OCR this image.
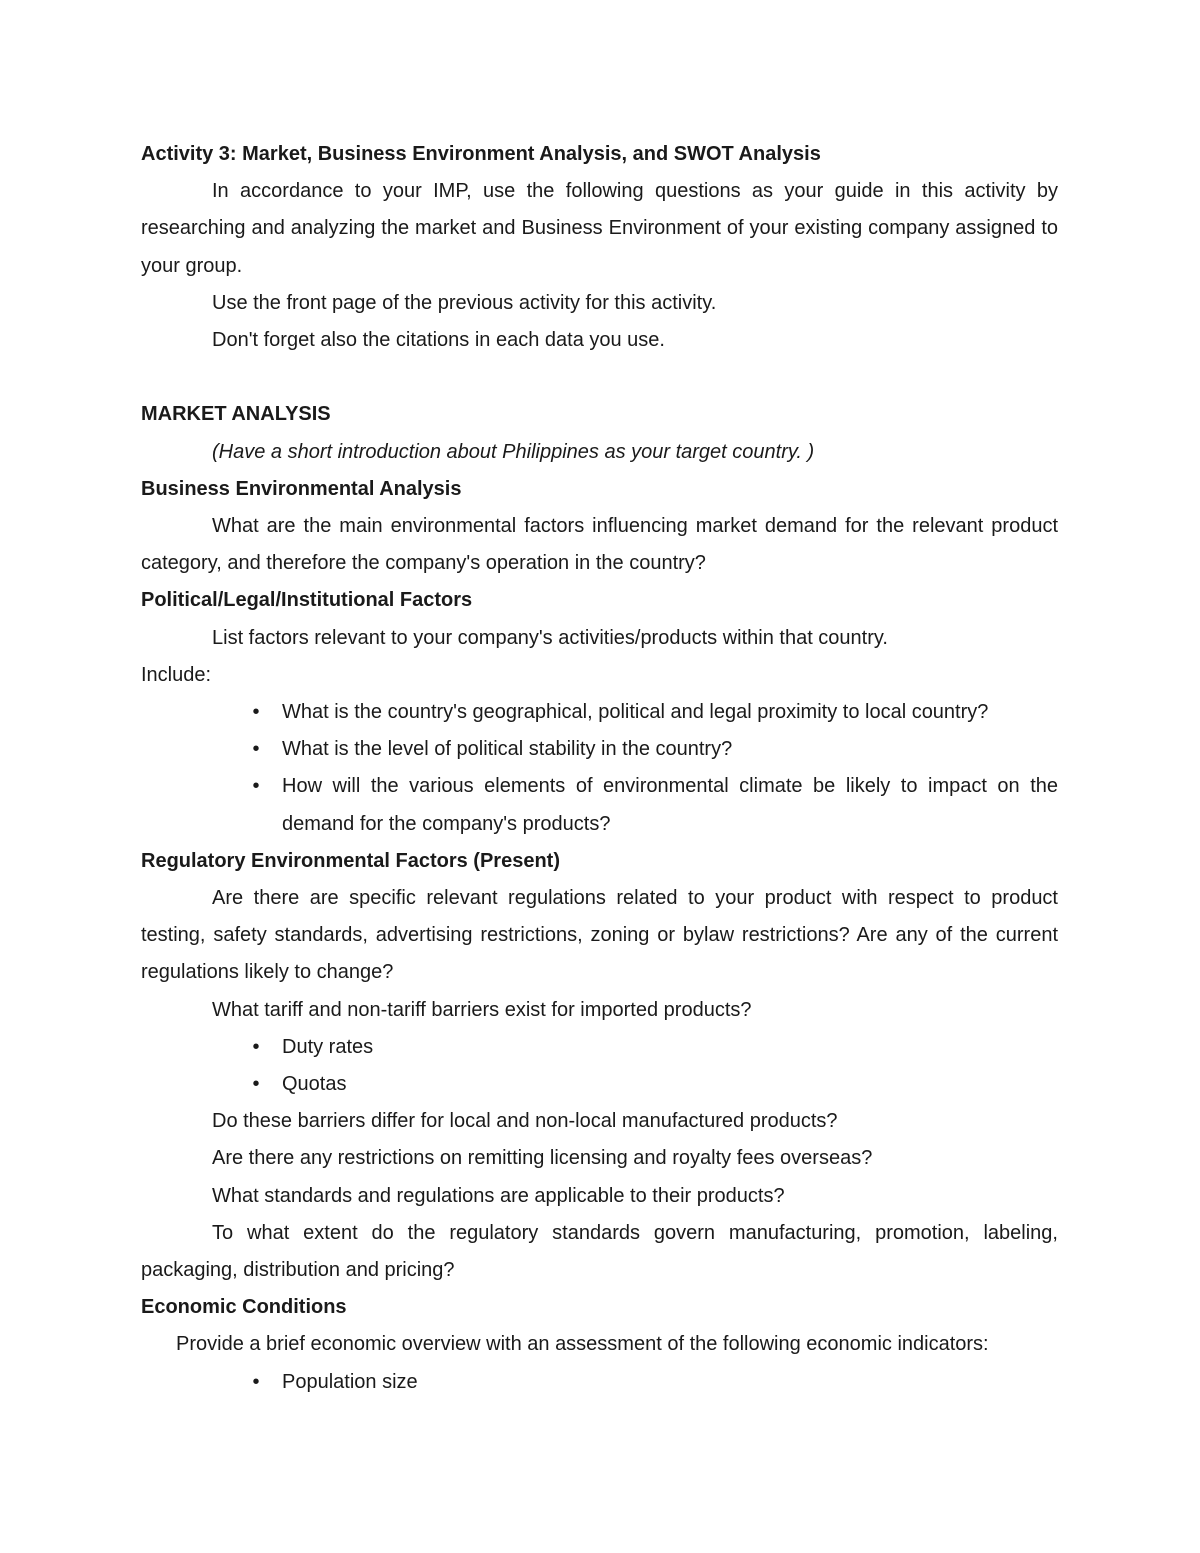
Activity 3: Market, Business Environment Analysis, and SWOT Analysis

In accordance to your IMP, use the following questions as your guide in this activity by researching and analyzing the market and Business Environment of your existing company assigned to your group.

Use the front page of the previous activity for this activity.

Don't forget also the citations in each data you use.

MARKET ANALYSIS

(Have a short introduction about Philippines as your target country. )

Business Environmental Analysis

What are the main environmental factors influencing market demand for the relevant product category, and therefore the company's operation in the country?

Political/Legal/Institutional Factors

List factors relevant to your company's activities/products within that country.

Include:

•	What is the country's geographical, political and legal proximity to local country?
•	What is the level of political stability in the country?
•	How will the various elements of environmental climate be likely to impact on the demand for the company's products?

Regulatory Environmental Factors (Present)

Are there are specific relevant regulations related to your product with respect to product testing, safety standards, advertising restrictions, zoning or bylaw restrictions? Are any of the current regulations likely to change?

What tariff and non-tariff barriers exist for imported products?

•	Duty rates
•	Quotas

Do these barriers differ for local and non-local manufactured products?

Are there any restrictions on remitting licensing and royalty fees overseas?

What standards and regulations are applicable to their products?

To what extent do the regulatory standards govern manufacturing, promotion, labeling, packaging, distribution and pricing?

Economic Conditions

Provide a brief economic overview with an assessment of the following economic indicators:

•	Population size
